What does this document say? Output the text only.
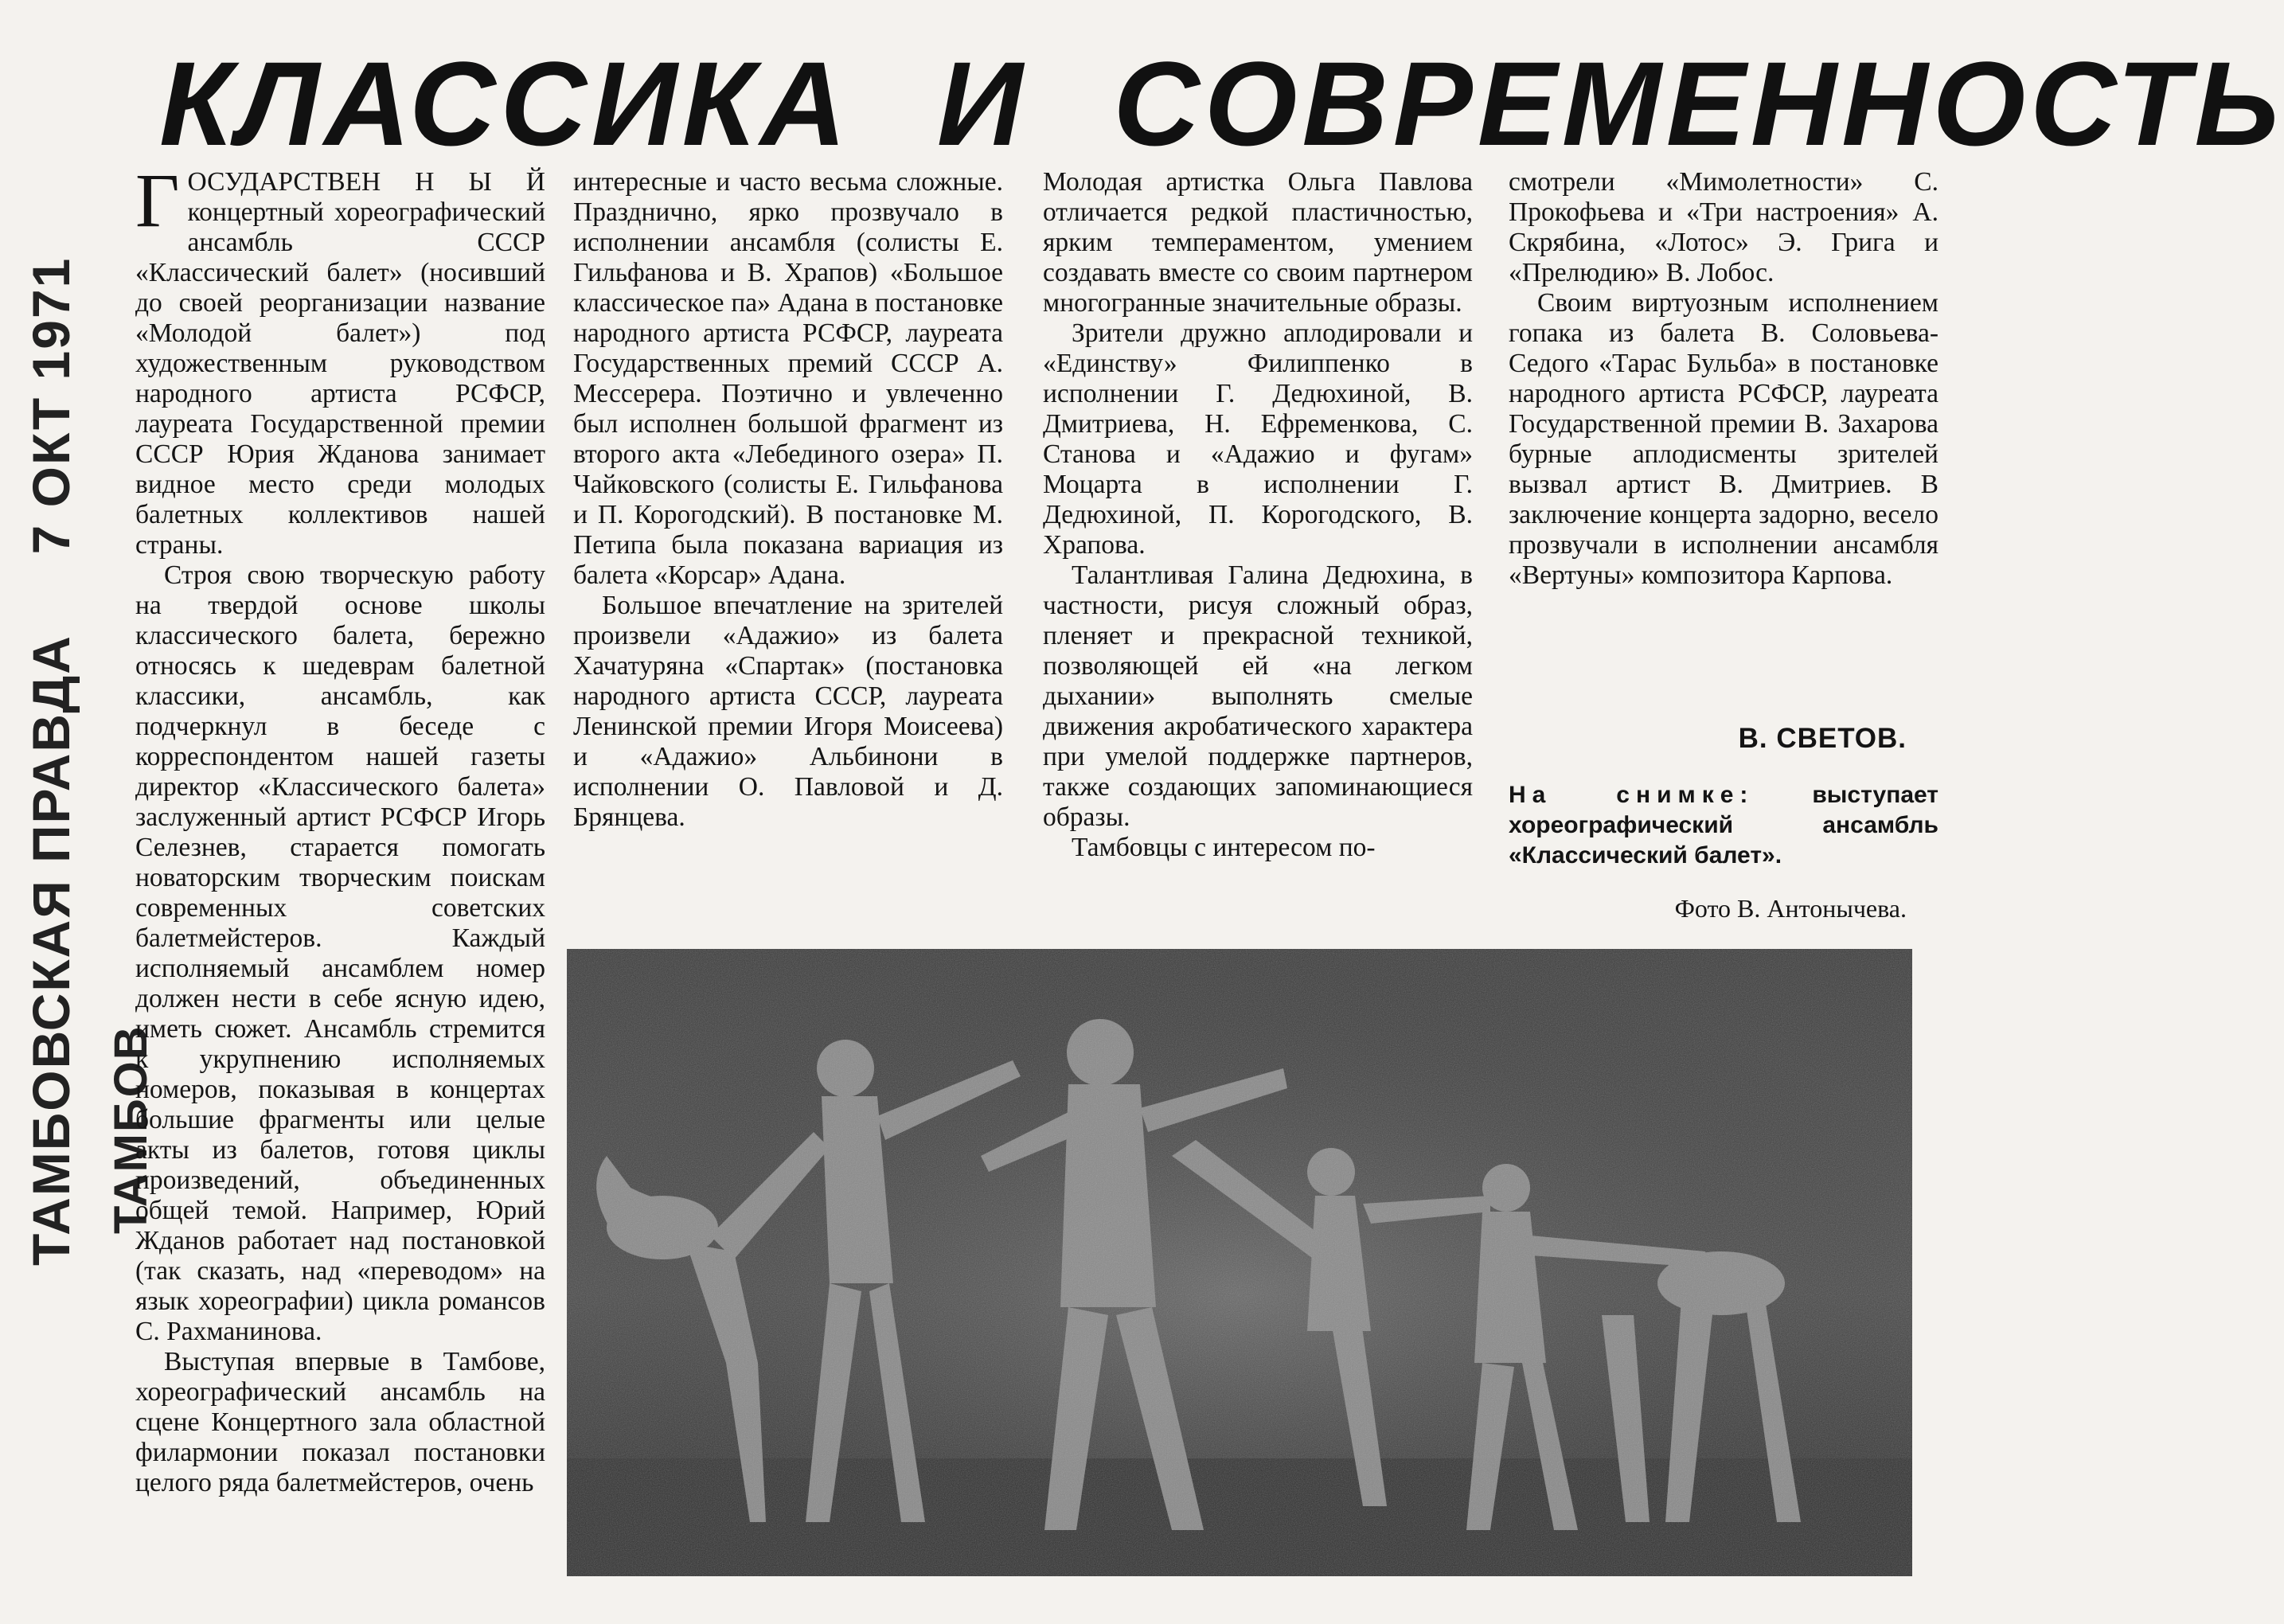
КЛАССИКА И СОВРЕМЕННОСТЬ
ТАМБОВСКАЯ ПРАВДА  7 ОКТ 1971
ТАМБОВ

ГОСУДАРСТВЕН Н Ы Й концертный хореографический ансамбль СССР «Классический балет» (носивший до своей реорганизации название «Молодой балет») под художественным руководством народного артиста РСФСР, лауреата Государственной премии СССР Юрия Жданова занимает видное место среди молодых балетных коллективов нашей страны.

Строя свою творческую работу на твердой основе школы классического балета, бережно относясь к шедеврам балетной классики, ансамбль, как подчеркнул в беседе с корреспондентом нашей газеты директор «Классического балета» заслуженный артист РСФСР Игорь Селезнев, старается помогать новаторским творческим поискам современных советских балетмейстеров. Каждый исполняемый ансамблем номер должен нести в себе ясную идею, иметь сюжет. Ансамбль стремится к укрупнению исполняемых номеров, показывая в концертах большие фрагменты или целые акты из балетов, готовя циклы произведений, объединенных общей темой. Например, Юрий Жданов работает над постановкой (так сказать, над «переводом» на язык хореографии) цикла романсов С. Рахманинова.

Выступая впервые в Тамбове, хореографический ансамбль на сцене Концертного зала областной филармонии показал постановки целого ряда балетмейстеров, очень

интересные и часто весьма сложные. Празднично, ярко прозвучало в исполнении ансамбля (солисты Е. Гильфанова и В. Храпов) «Большое классическое па» Адана в постановке народного артиста РСФСР, лауреата Государственных премий СССР А. Мессерера. Поэтично и увлеченно был исполнен большой фрагмент из второго акта «Лебединого озера» П. Чайковского (солисты Е. Гильфанова и П. Корогодский). В постановке М. Петипа была показана вариация из балета «Корсар» Адана.

Большое впечатление на зрителей произвели «Адажио» из балета Хачатуряна «Спартак» (постановка народного артиста СССР, лауреата Ленинской премии Игоря Моисеева) и «Адажио» Альбинони в исполнении О. Павловой и Д. Брянцева.

Молодая артистка Ольга Павлова отличается редкой пластичностью, ярким темпераментом, умением создавать вместе со своим партнером многогранные значительные образы.

Зрители дружно аплодировали и «Единству» Филиппенко в исполнении Г. Дедюхиной, В. Дмитриева, Н. Ефременкова, С. Станова и «Адажио и фугам» Моцарта в исполнении Г. Дедюхиной, П. Корогодского, В. Храпова.

Талантливая Галина Дедюхина, в частности, рисуя сложный образ, пленяет и прекрасной техникой, позволяющей ей «на легком дыхании» выполнять смелые движения акробатического характера при умелой поддержке партнеров, также создающих запоминающиеся образы.

Тамбовцы с интересом по-

смотрели «Мимолетности» С. Прокофьева и «Три настроения» А. Скрябина, «Лотос» Э. Грига и «Прелюдию» В. Лобос.

Своим виртуозным исполнением гопака из балета В. Соловьева-Седого «Тарас Бульба» в постановке народного артиста РСФСР, лауреата Государственной премии В. Захарова бурные аплодисменты зрителей вызвал артист В. Дмитриев. В заключение концерта задорно, весело прозвучали в исполнении ансамбля «Вертуны» композитора Карпова.

В. СВЕТОВ.
На снимке: выступает хореографический ансамбль «Классический балет».
Фото В. Антонычева.
